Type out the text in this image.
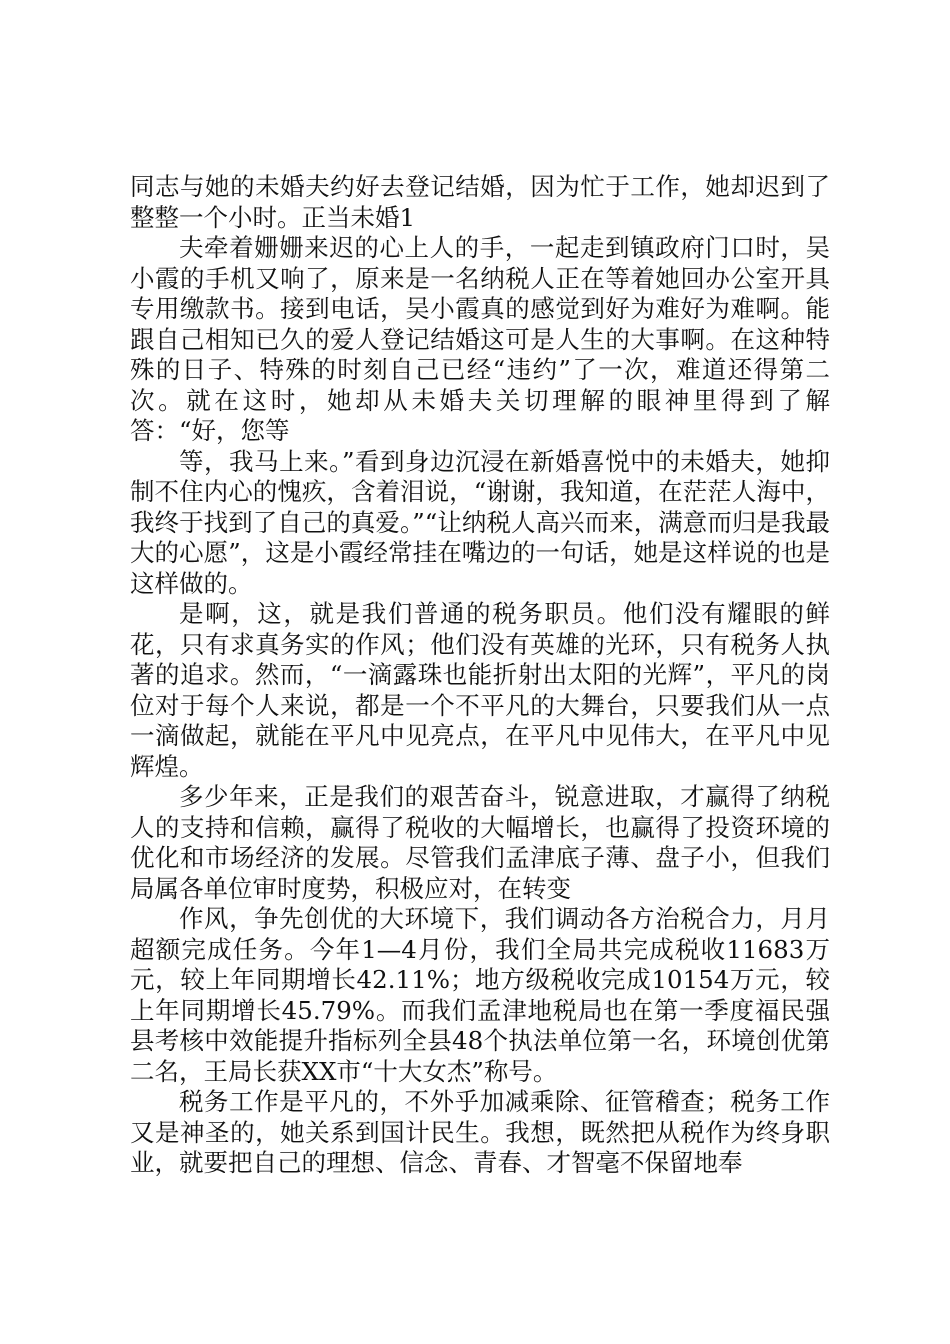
同志与她的未婚夫约好去登记结婚，因为忙于工作，她却迟到了整整一个小时。正当未婚1

夫牵着姗姗来迟的心上人的手，一起走到镇政府门口时，吴小霞的手机又响了，原来是一名纳税人正在等着她回办公室开具专用缴款书。接到电话，吴小霞真的感觉到好为难好为难啊。能跟自己相知已久的爱人登记结婚这可是人生的大事啊。在这种特殊的日子、特殊的时刻自己已经“违约”了一次，难道还得第二次。就在这时，她却从未婚夫关切理解的眼神里得到了解答：“好，您等

等，我马上来。”看到身边沉浸在新婚喜悦中的未婚夫，她抑制不住内心的愧疚，含着泪说，“谢谢，我知道，在茫茫人海中，我终于找到了自己的真爱。”“让纳税人高兴而来，满意而归是我最大的心愿”，这是小霞经常挂在嘴边的一句话，她是这样说的也是这样做的。

是啊，这，就是我们普通的税务职员。他们没有耀眼的鲜花，只有求真务实的作风；他们没有英雄的光环，只有税务人执著的追求。然而，“一滴露珠也能折射出太阳的光辉”，平凡的岗位对于每个人来说，都是一个不平凡的大舞台，只要我们从一点一滴做起，就能在平凡中见亮点，在平凡中见伟大，在平凡中见辉煌。

多少年来，正是我们的艰苦奋斗，锐意进取，才赢得了纳税人的支持和信赖，赢得了税收的大幅增长，也赢得了投资环境的优化和市场经济的发展。尽管我们孟津底子薄、盘子小，但我们局属各单位审时度势，积极应对，在转变

作风，争先创优的大环境下，我们调动各方治税合力，月月超额完成任务。今年1—4月份，我们全局共完成税收11683万元，较上年同期增长42.11%；地方级税收完成10154万元，较上年同期增长45.79%。而我们孟津地税局也在第一季度福民强县考核中效能提升指标列全县48个执法单位第一名，环境创优第二名，王局长获XX市“十大女杰”称号。

税务工作是平凡的，不外乎加减乘除、征管稽查；税务工作又是神圣的，她关系到国计民生。我想，既然把从税作为终身职业，就要把自己的理想、信念、青春、才智毫不保留地奉
